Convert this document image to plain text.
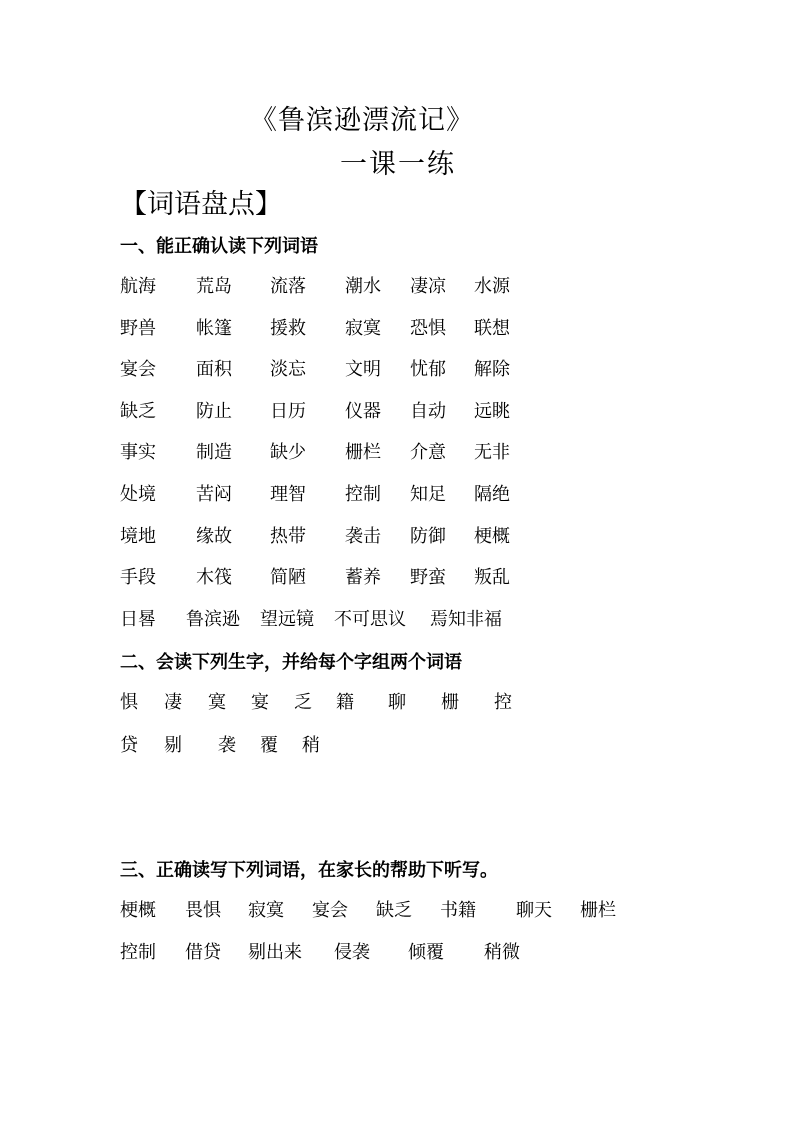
《鲁滨逊漂流记》
一课一练
【词语盘点】
一、能正确认读下列词语
航海 荒岛 流落 潮水 凄凉 水源
野兽 帐篷 援救 寂寞 恐惧 联想
宴会 面积 淡忘 文明 忧郁 解除
缺乏 防止 日历 仪器 自动 远眺
事实 制造 缺少 栅栏 介意 无非
处境 苦闷 理智 控制 知足 隔绝
境地 缘故 热带 袭击 防御 梗概
手段 木筏 简陋 蓄养 野蛮 叛乱
日晷 鲁滨逊 望远镜 不可思议 焉知非福
二、会读下列生字，并给每个字组两个词语
惧 凄 寞 宴 乏 籍 聊 栅 控
贷 剔 袭 覆 稍
三、正确读写下列词语，在家长的帮助下听写。
梗概 畏惧 寂寞 宴会 缺乏 书籍 聊天 栅栏
控制 借贷 剔出来 侵袭 倾覆 稍微
